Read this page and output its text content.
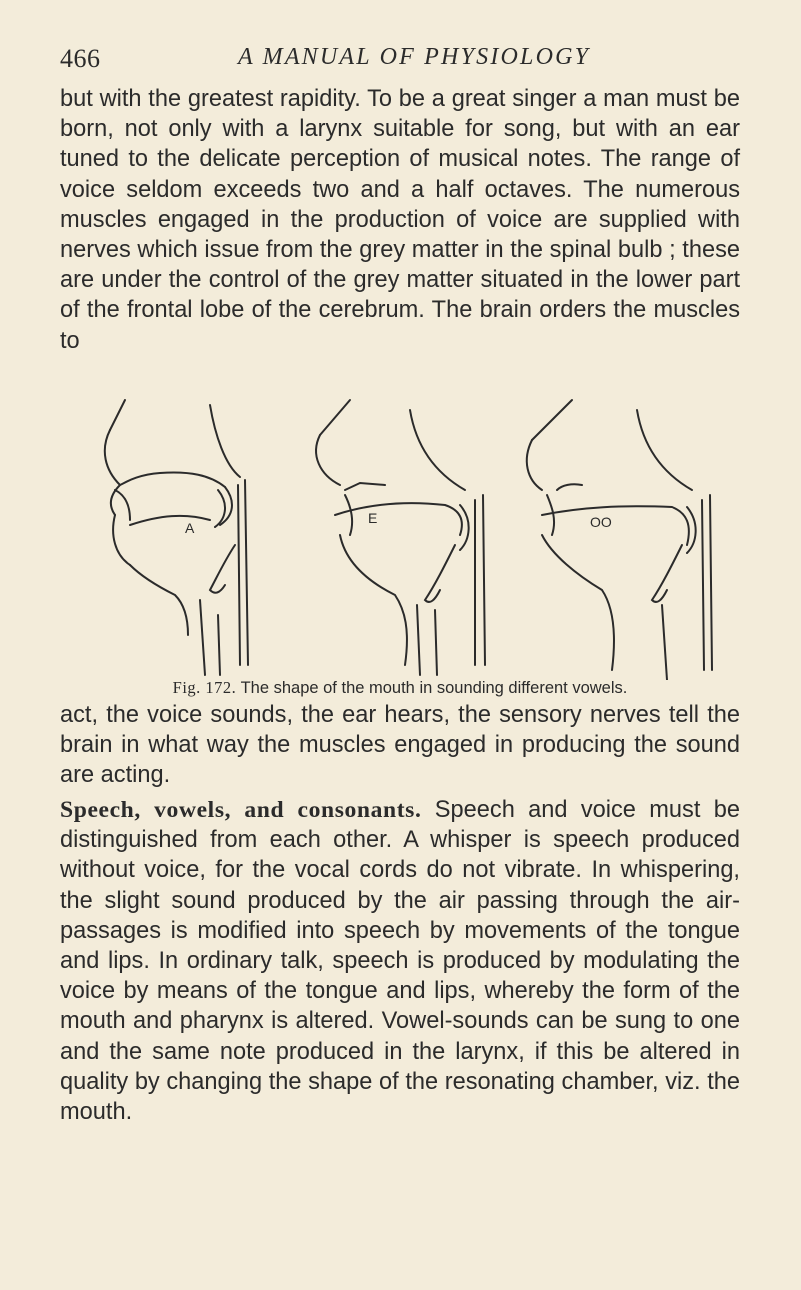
466	A MANUAL OF PHYSIOLOGY

but with the greatest rapidity. To be a great singer a man must be born, not only with a larynx suitable for song, but with an ear tuned to the delicate perception of musical notes. The range of voice seldom exceeds two and a half octaves. The numerous muscles engaged in the production of voice are supplied with nerves which issue from the grey matter in the spinal bulb ; these are under the control of the grey matter situated in the lower part of the frontal lobe of the cerebrum. The brain orders the muscles to

A
E	OO
Fig. 172. The shape of the mouth in sounding different vowels.

act, the voice sounds, the ear hears, the sensory nerves tell the brain in what way the muscles engaged in producing the sound are acting.

Speech, vowels, and consonants. Speech and voice must be distinguished from each other. A whisper is speech produced without voice, for the vocal cords do not vibrate. In whispering, the slight sound produced by the air passing through the air-passages is modified into speech by movements of the tongue and lips. In ordinary talk, speech is produced by modulating the voice by means of the tongue and lips, whereby the form of the mouth and pharynx is altered. Vowel-sounds can be sung to one and the same note produced in the larynx, if this be altered in quality by changing the shape of the resonating chamber, viz. the mouth.
